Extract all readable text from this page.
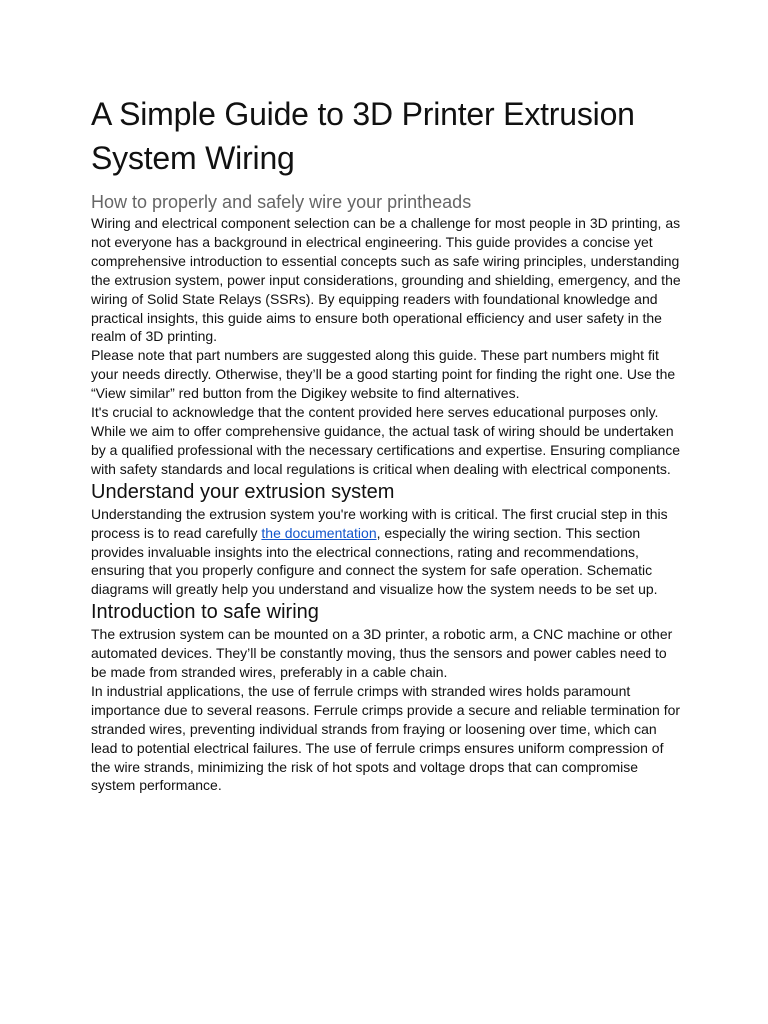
A Simple Guide to 3D Printer Extrusion System Wiring
How to properly and safely wire your printheads

Wiring and electrical component selection can be a challenge for most people in 3D printing, as not everyone has a background in electrical engineering. This guide provides a concise yet comprehensive introduction to essential concepts such as safe wiring principles, understanding the extrusion system, power input considerations, grounding and shielding, emergency, and the wiring of Solid State Relays (SSRs). By equipping readers with foundational knowledge and practical insights, this guide aims to ensure both operational efficiency and user safety in the realm of 3D printing.

Please note that part numbers are suggested along this guide. These part numbers might fit your needs directly. Otherwise, they’ll be a good starting point for finding the right one. Use the “View similar” red button from the Digikey website to find alternatives.

It's crucial to acknowledge that the content provided here serves educational purposes only. While we aim to offer comprehensive guidance, the actual task of wiring should be undertaken by a qualified professional with the necessary certifications and expertise. Ensuring compliance with safety standards and local regulations is critical when dealing with electrical components.

Understand your extrusion system

Understanding the extrusion system you're working with is critical. The first crucial step in this process is to read carefully the documentation, especially the wiring section. This section provides invaluable insights into the electrical connections, rating and recommendations, ensuring that you properly configure and connect the system for safe operation. Schematic diagrams will greatly help you understand and visualize how the system needs to be set up.

Introduction to safe wiring

The extrusion system can be mounted on a 3D printer, a robotic arm, a CNC machine or other automated devices. They’ll be constantly moving, thus the sensors and power cables need to be made from stranded wires, preferably in a cable chain.

In industrial applications, the use of ferrule crimps with stranded wires holds paramount importance due to several reasons. Ferrule crimps provide a secure and reliable termination for stranded wires, preventing individual strands from fraying or loosening over time, which can lead to potential electrical failures. The use of ferrule crimps ensures uniform compression of the wire strands, minimizing the risk of hot spots and voltage drops that can compromise system performance.
